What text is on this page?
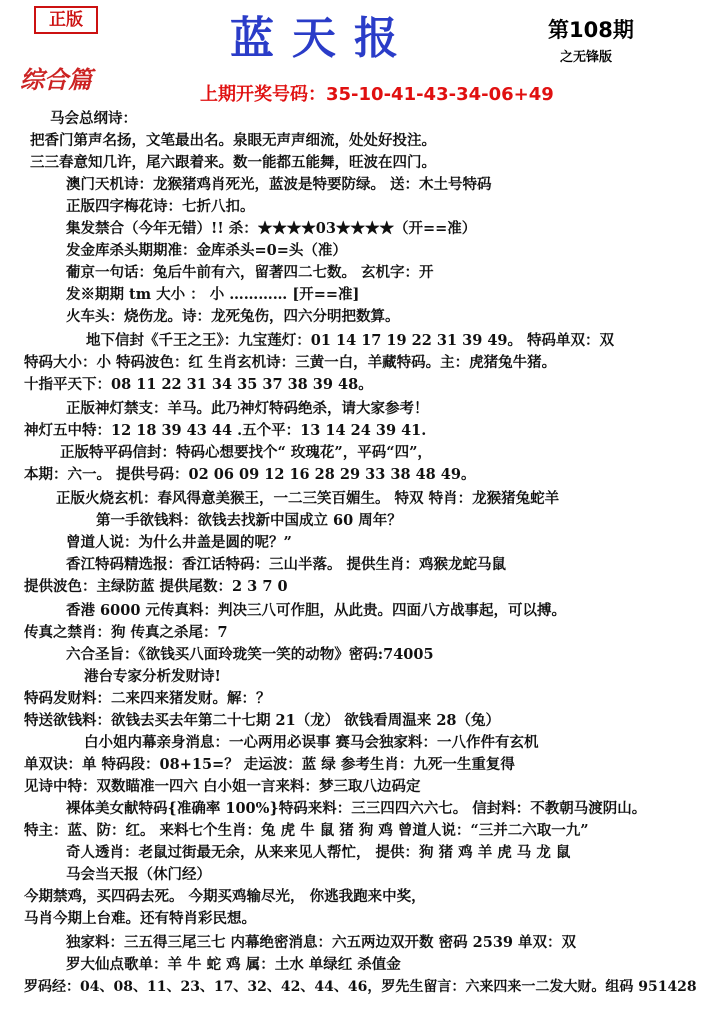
正版	蓝天报	第108期
之无锋版
综合篇
上期开奖号码：35-10-41-43-34-06+49
马会总纲诗：
把香门第声名扬，文笔最出名。泉眼无声声细流，处处好投注。
三三春意知几许，尾六跟着来。数一能都五能舞，旺波在四门。
澳门天机诗：龙猴猪鸡肖死光，蓝波是特要防绿。 送：木土号特码
正版四字梅花诗：七折八扣。
集发禁合（今年无错）!! 杀：★★★★03★★★★（开==准）
发金库杀头期期准：金库杀头=0=头（准）
葡京一句话：兔后牛前有六，留著四二七数。 玄机字：开
发※期期 tm 大小 ： 小 ………… [开==准]
火车头：烧伤龙。诗：龙死兔伤，四六分明把数算。
地下信封《千王之王》：九宝莲灯：01 14 17 19 22 31 39 49。 特码单双：双
特码大小：小 特码波色：红 生肖玄机诗：三黄一白，羊藏特码。主：虎猪兔牛猪。
十指平天下：08 11 22 31 34 35 37 38 39 48。
正版神灯禁支：羊马。此乃神灯特码绝杀，请大家参考！
神灯五中特：12 18 39 43 44 .五个平：13 14 24 39 41.
正版特平码信封：特码心想要找个“ 玫瑰花”，平码“四”，
本期：六一。 提供号码：02 06 09 12 16 28 29 33 38 48 49。
正版火烧玄机：春风得意美猴王，一二三笑百媚生。 特双 特肖：龙猴猪兔蛇羊
第一手欲钱料：欲钱去找新中国成立 60 周年？
曾道人说：为什么井盖是圆的呢？”
香江特码精选报：香江话特码：三山半落。 提供生肖：鸡猴龙蛇马鼠
提供波色：主绿防蓝 提供尾数：2 3 7 0
香港 6000 元传真料：判决三八可作胆，从此贵。四面八方战事起，可以搏。
传真之禁肖：狗 传真之杀尾：7
六合圣旨：《欲钱买八面玲珑笑一笑的动物》密码:74005
港台专家分析发财诗!
特码发财料：二来四来猪发财。解：？
特送欲钱料：欲钱去买去年第二十七期 21（龙） 欲钱看周温来 28（兔）
白小姐内幕亲身消息：一心两用必误事 赛马会独家料：一八作件有玄机
单双诀：单 特码段：08+15=？ 走运波：蓝 绿 参考生肖：九死一生重复得
见诗中特：双数瞄准一四六 白小姐一言来料：梦三取八边码定
裸体美女献特码{准确率 100%}特码来料：三三四四六六七。 信封料：不教朝马渡阴山。
特主：蓝、防：红。 来料七个生肖：兔 虎 牛 鼠 猪 狗 鸡 曾道人说：“三并二六取一九”
奇人透肖：老鼠过街最无余，从来来见人帮忙， 提供：狗 猪 鸡 羊 虎 马 龙 鼠
马会当天报（休门经）
今期禁鸡，买四码去死。 今期买鸡输尽光， 你逃我跑来中奖，
马肖今期上台难。还有特肖彩民想。
独家料：三五得三尾三七 内幕绝密消息：六五两边双开数 密码 2539 单双：双
罗大仙点歌单：羊 牛 蛇 鸡 属：土水 单绿红 杀值金
罗码经：04、08、11、23、17、32、42、44、46，罗先生留言：六来四来一二发大财。组码 951428
